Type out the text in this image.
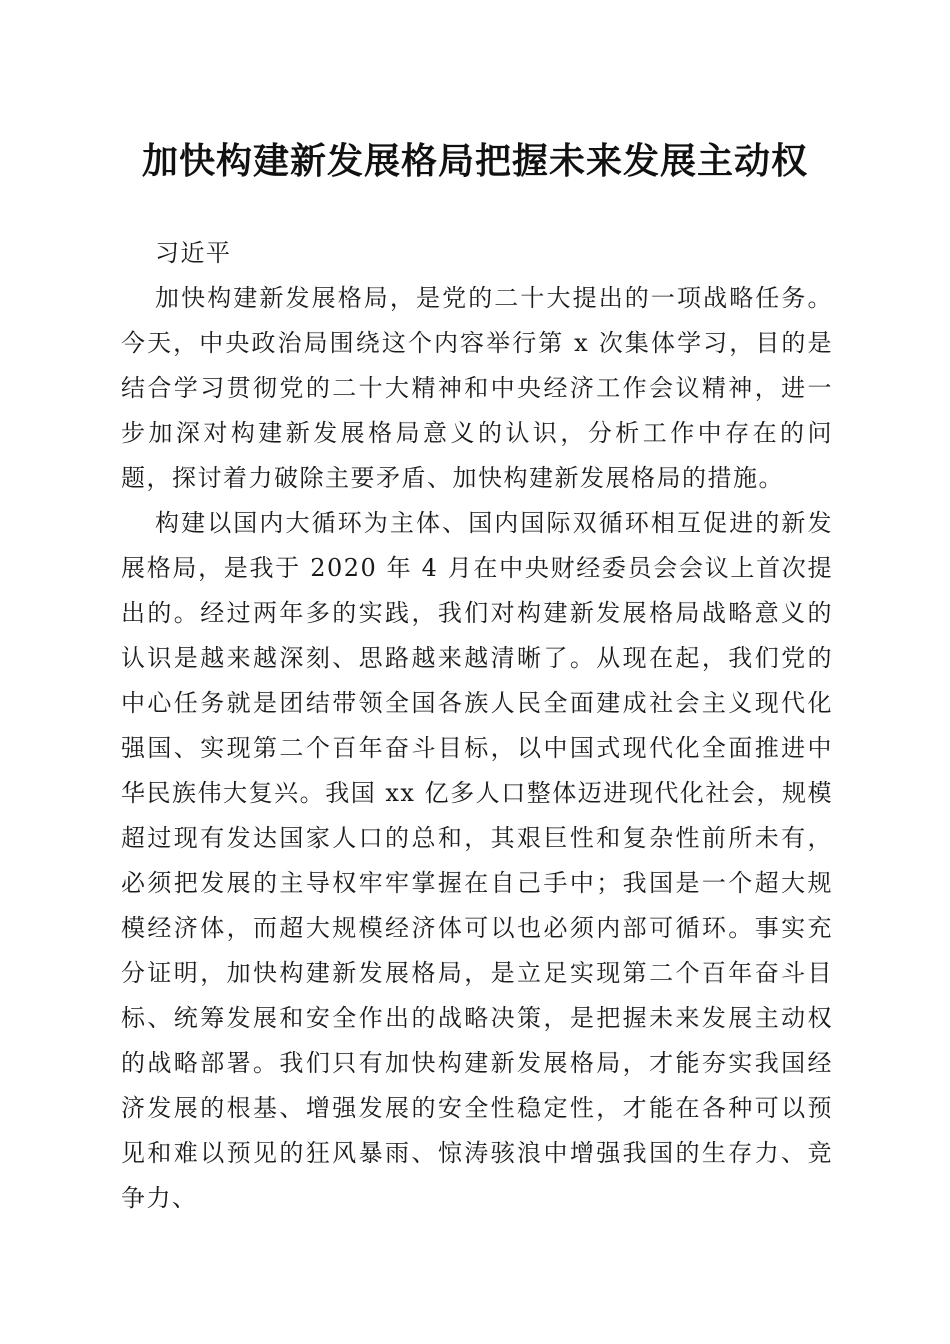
加快构建新发展格局把握未来发展主动权

习近平

加快构建新发展格局，是党的二十大提出的一项战略任务。今天，中央政治局围绕这个内容举行第 x 次集体学习，目的是结合学习贯彻党的二十大精神和中央经济工作会议精神，进一步加深对构建新发展格局意义的认识，分析工作中存在的问题，探讨着力破除主要矛盾、加快构建新发展格局的措施。

构建以国内大循环为主体、国内国际双循环相互促进的新发展格局，是我于 2020 年 4 月在中央财经委员会会议上首次提出的。经过两年多的实践，我们对构建新发展格局战略意义的认识是越来越深刻、思路越来越清晰了。从现在起，我们党的中心任务就是团结带领全国各族人民全面建成社会主义现代化强国、实现第二个百年奋斗目标，以中国式现代化全面推进中华民族伟大复兴。我国 xx 亿多人口整体迈进现代化社会，规模超过现有发达国家人口的总和，其艰巨性和复杂性前所未有，必须把发展的主导权牢牢掌握在自己手中；我国是一个超大规模经济体，而超大规模经济体可以也必须内部可循环。事实充分证明，加快构建新发展格局，是立足实现第二个百年奋斗目标、统筹发展和安全作出的战略决策，是把握未来发展主动权的战略部署。我们只有加快构建新发展格局，才能夯实我国经济发展的根基、增强发展的安全性稳定性，才能在各种可以预见和难以预见的狂风暴雨、惊涛骇浪中增强我国的生存力、竞争力、
